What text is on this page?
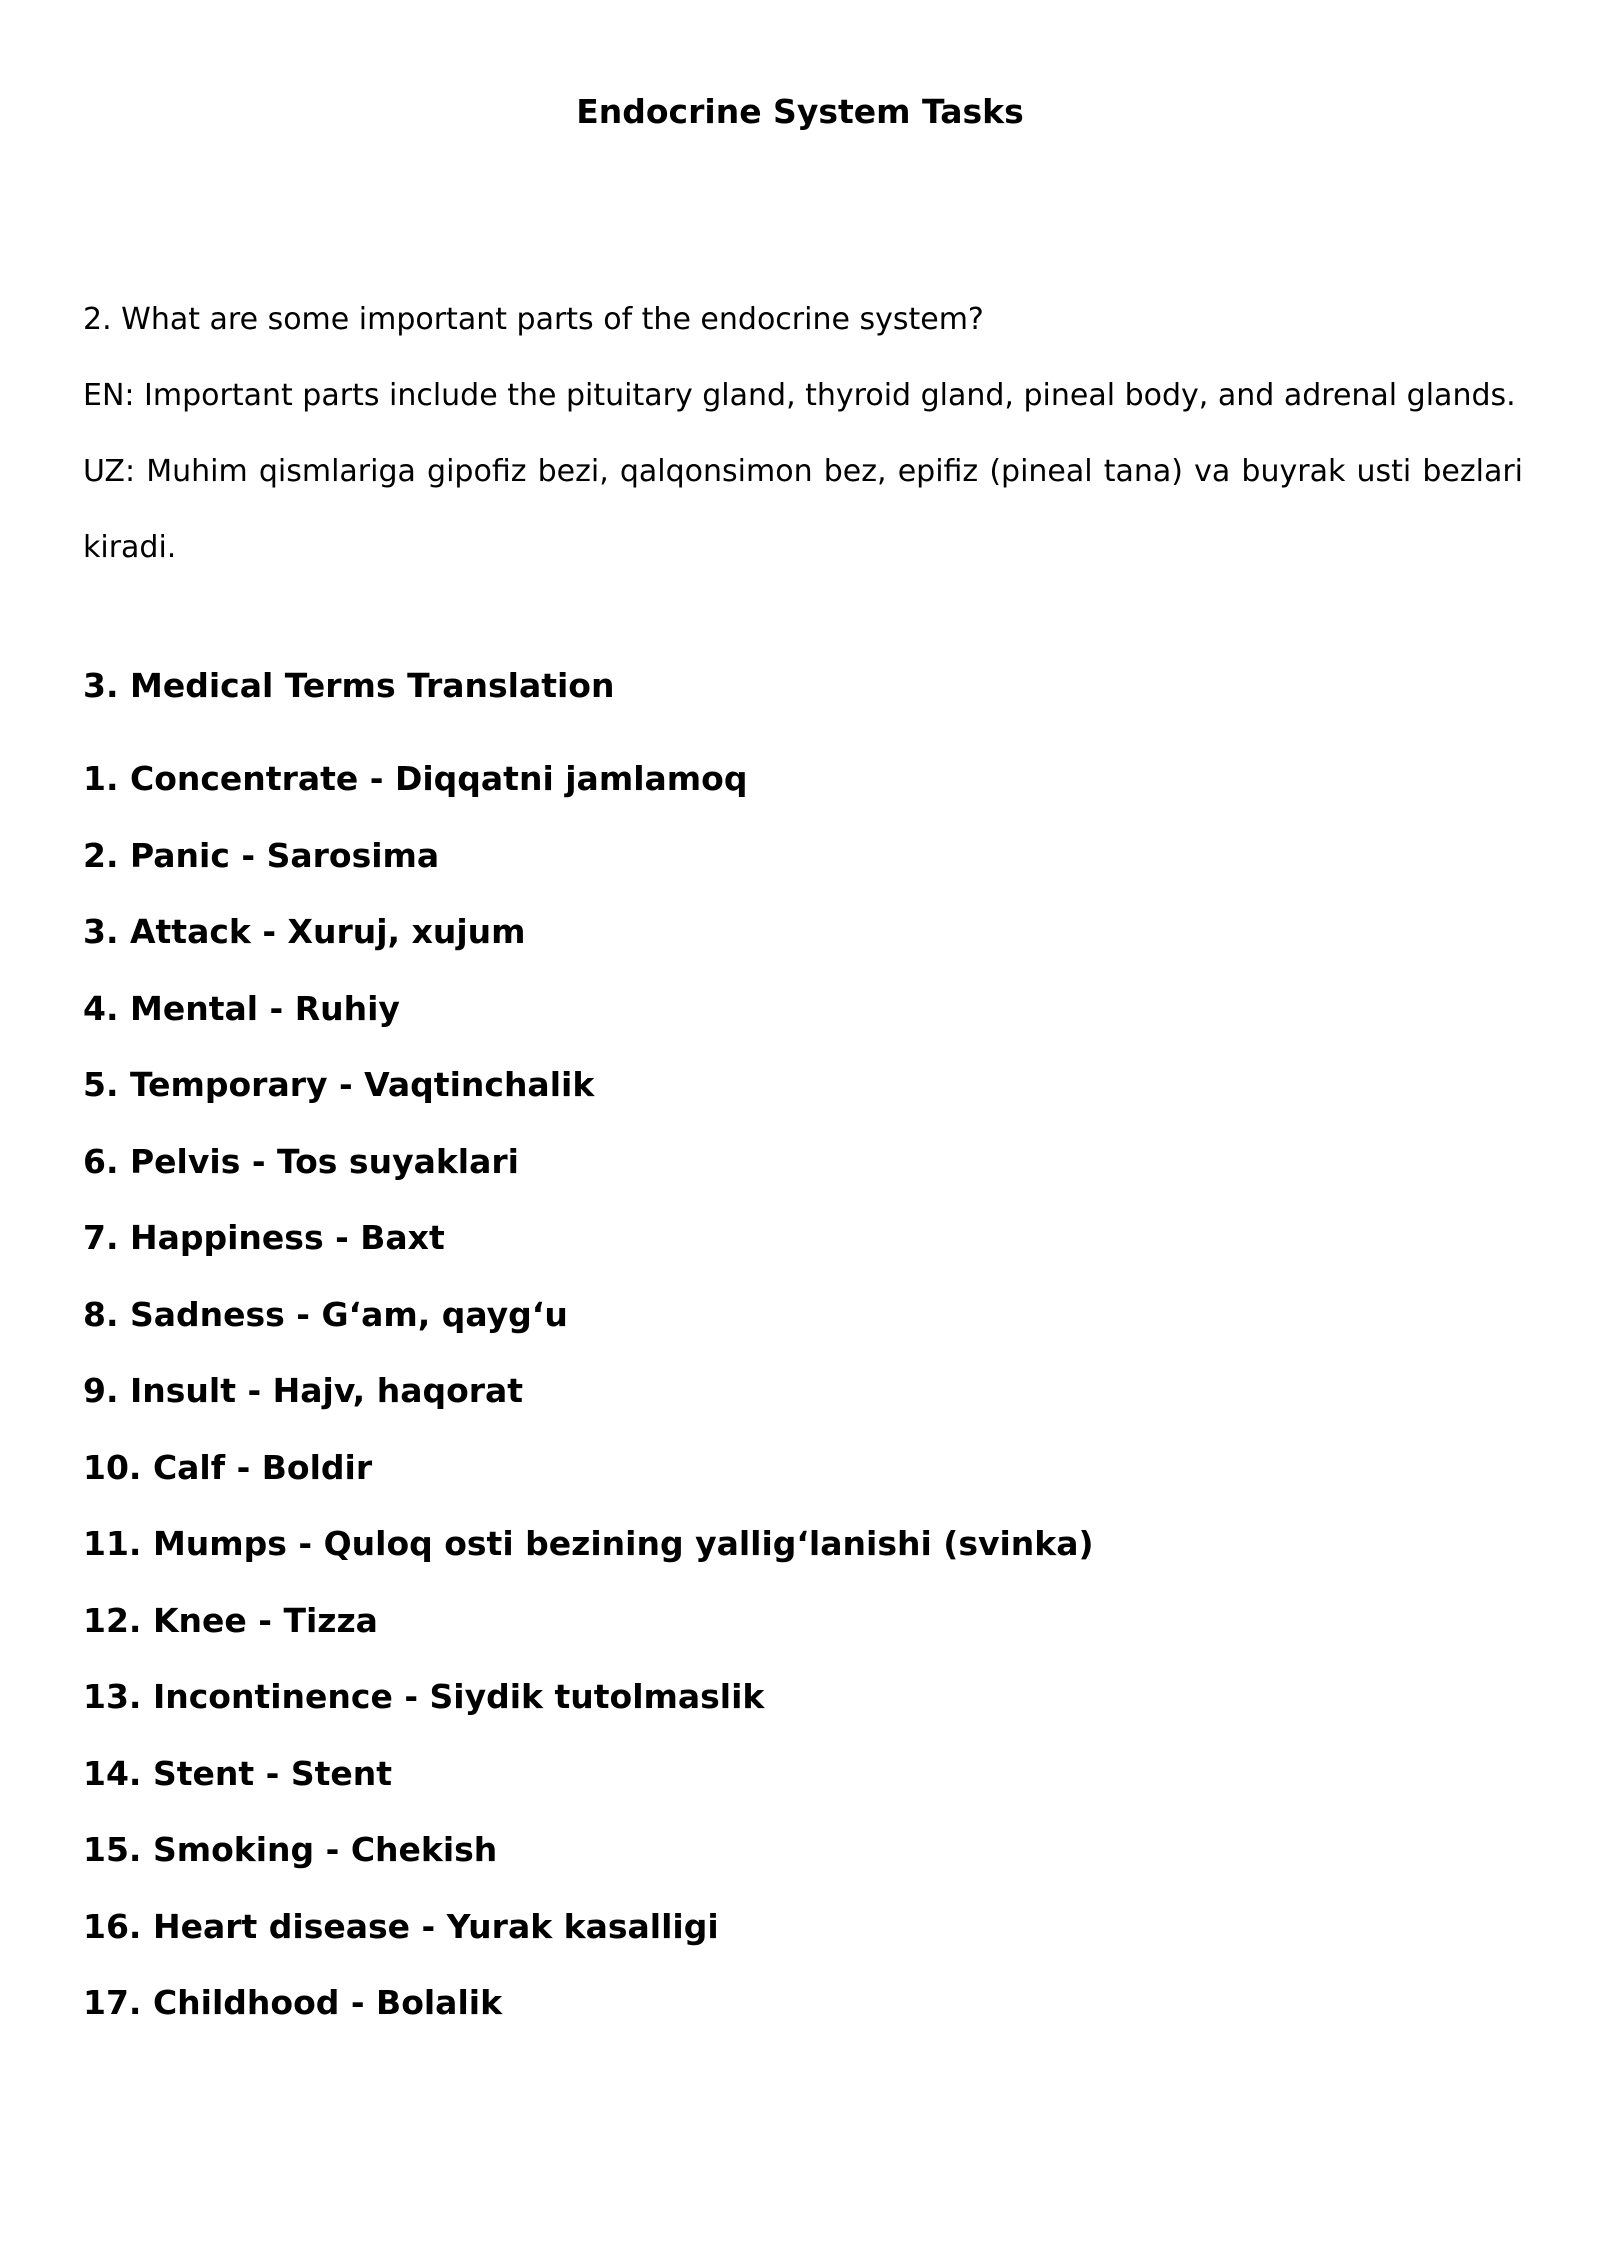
Endocrine System Tasks

2. What are some important parts of the endocrine system?

EN: Important parts include the pituitary gland, thyroid gland, pineal body, and adrenal glands.

UZ: Muhim qismlariga gipofiz bezi, qalqonsimon bez, epifiz (pineal tana) va buyrak usti bezlari kiradi.

3. Medical Terms Translation
1. Concentrate - Diqqatni jamlamoq
2. Panic - Sarosima
3. Attack - Xuruj, xujum
4. Mental - Ruhiy
5. Temporary - Vaqtinchalik
6. Pelvis - Tos suyaklari
7. Happiness - Baxt
8. Sadness - G‘am, qayg‘u
9. Insult - Hajv, haqorat
10. Calf - Boldir
11. Mumps - Quloq osti bezining yallig‘lanishi (svinka)
12. Knee - Tizza
13. Incontinence - Siydik tutolmaslik
14. Stent - Stent
15. Smoking - Chekish
16. Heart disease - Yurak kasalligi
17. Childhood - Bolalik
